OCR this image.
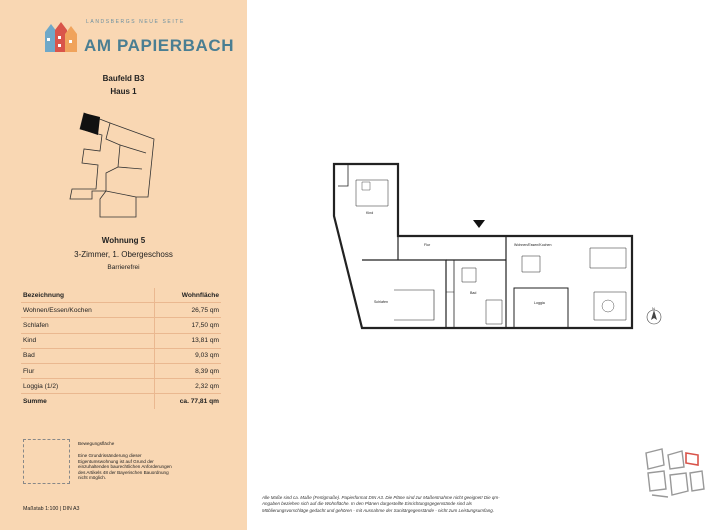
LANDSBERGS NEUE SEITE
AM PAPIERBACH
Baufeld B3
Haus 1
Wohnung 5
3-Zimmer, 1. Obergeschoss
Barrierefrei
Bezeichnung	Wohnfläche
Wohnen/Essen/Kochen	26,75 qm
Schlafen	17,50 qm
Kind	13,81 qm
Bad	9,03 qm
Flur	8,39 qm
Loggia (1/2)	2,32 qm
Summe	ca. 77,81 qm
Bewegungsfläche
Eine Grundrissänderung dieser Eigentumswohnung ist auf Grund der einzuhaltenden baurechtlichen Anforderungen des Artikels 48 der Bayerischen Bauordnung nicht möglich.
Maßstab 1:100 | DIN A3
Kind
Flur	Wohnen/Essen/Kochen
Schlafen
Bad
Loggia
N
Alle Maße sind ca. Maße (Fertigmaße). Papierformat DIN A3. Die Pläne sind zur Maßentnahme nicht geeignet! Die qm-Angaben beziehen sich auf die Wohnfläche. In den Plänen dargestellte Einrichtungsgegenstände sind als Möblierungsvorschläge gedacht und gehören - mit Ausnahme der Sanitärgegenstände - nicht zum Leistungsumfang.
